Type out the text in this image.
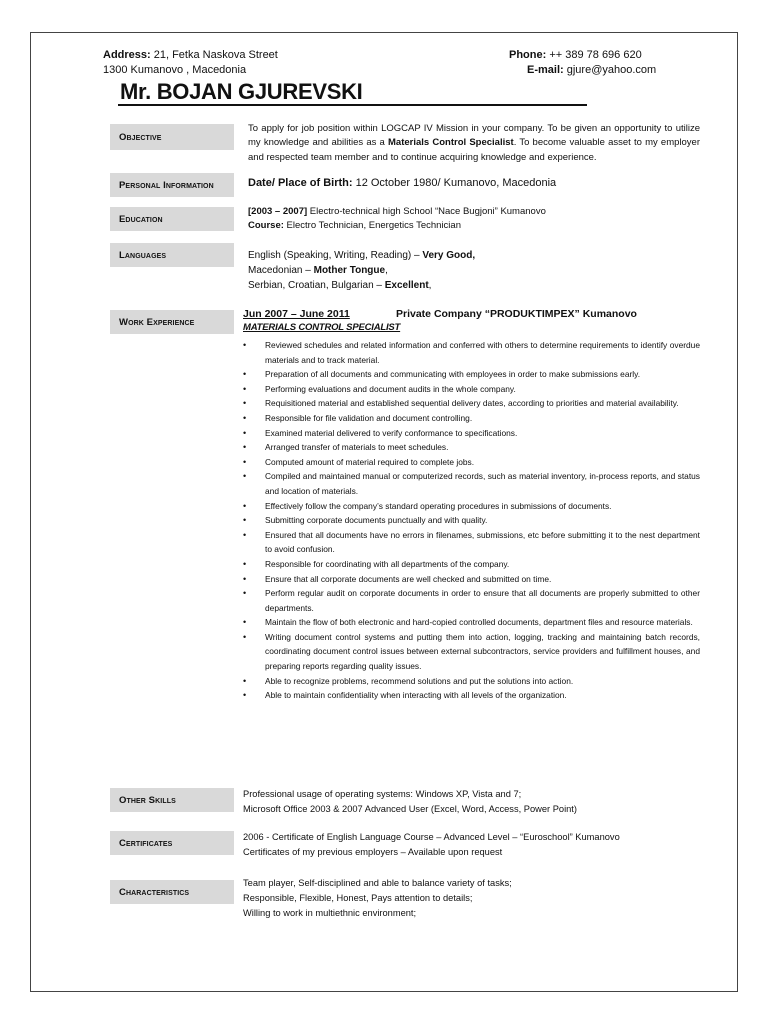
Address: 21, Fetka Naskova Street
1300 Kumanovo , Macedonia
Phone: ++ 389 78 696 620
E-mail: gjure@yahoo.com
Mr. BOJAN GJUREVSKI
Objective
To apply for job position within LOGCAP IV Mission in your company. To be given an opportunity to utilize my knowledge and abilities as a Materials Control Specialist. To become valuable asset to my employer and respected team member and to continue acquiring knowledge and experience.
Personal Information	Date/ Place of Birth: 12 October 1980/ Kumanovo, Macedonia
Education
[2003 – 2007] Electro-technical high School “Nace Bugjoni” Kumanovo
Course: Electro Technician, Energetics Technician
Languages	English (Speaking, Writing, Reading) – Very Good,
Macedonian – Mother Tongue,
Serbian, Croatian, Bulgarian – Excellent,
Work Experience
Jun 2007 – June 2011	Private Company “PRODUKTIMPEX” Kumanovo
MATERIALS CONTROL SPECIALIST
• Reviewed schedules and related information and conferred with others to determine requirements to identify overdue materials and to track material.
• Preparation of all documents and communicating with employees in order to make submissions early.
• Performing evaluations and document audits in the whole company.
• Requisitioned material and established sequential delivery dates, according to priorities and material availability.
• Responsible for file validation and document controlling.
• Examined material delivered to verify conformance to specifications.
• Arranged transfer of materials to meet schedules.
• Computed amount of material required to complete jobs.
• Compiled and maintained manual or computerized records, such as material inventory, in-process reports, and status and location of materials.
• Effectively follow the company’s standard operating procedures in submissions of documents.
• Submitting corporate documents punctually and with quality.
• Ensured that all documents have no errors in filenames, submissions, etc before submitting it to the nest department to avoid confusion.
• Responsible for coordinating with all departments of the company.
• Ensure that all corporate documents are well checked and submitted on time.
• Perform regular audit on corporate documents in order to ensure that all documents are properly submitted to other departments.
• Maintain the flow of both electronic and hard-copied controlled documents, department files and resource materials.
• Writing document control systems and putting them into action, logging, tracking and maintaining batch records, coordinating document control issues between external subcontractors, service providers and fulfillment houses, and preparing reports regarding quality issues.
• Able to recognize problems, recommend solutions and put the solutions into action.
• Able to maintain confidentiality when interacting with all levels of the organization.
Other Skills
Professional usage of operating systems: Windows XP, Vista and 7;
Microsoft Office 2003 & 2007 Advanced User (Excel, Word, Access, Power Point)
Certificates
2006 - Certificate of English Language Course – Advanced Level – “Euroschool” Kumanovo
Certificates of my previous employers – Available upon request
Characteristics
Team player, Self-disciplined and able to balance variety of tasks;
Responsible, Flexible, Honest, Pays attention to details;
Willing to work in multiethnic environment;
